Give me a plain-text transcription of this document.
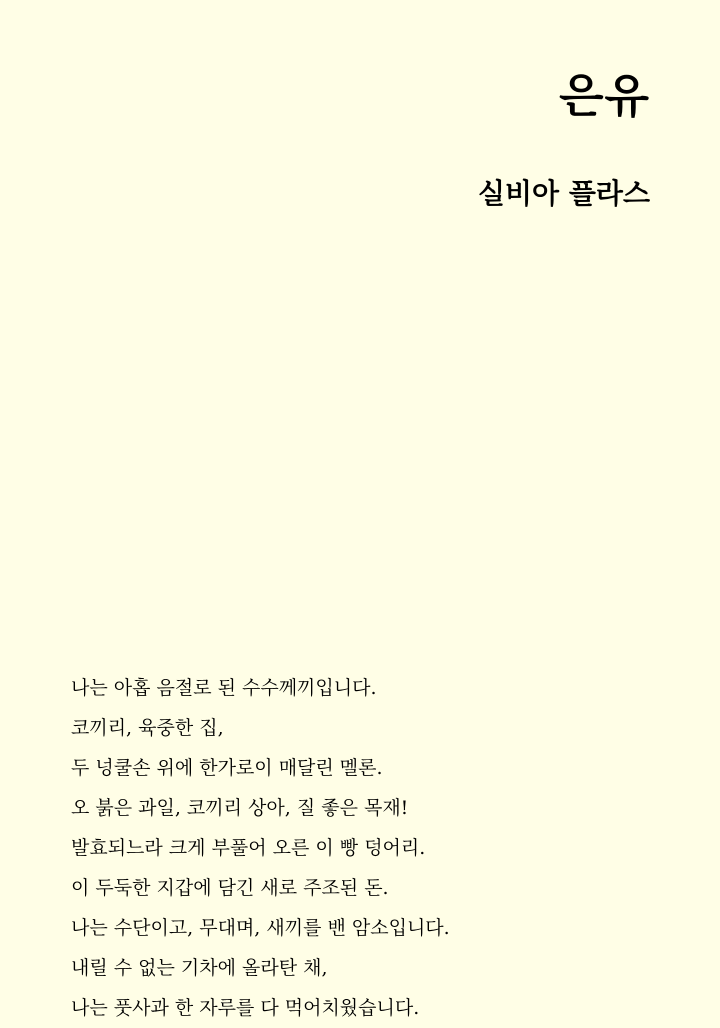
은유
실비아 플라스

나는 아홉 음절로 된 수수께끼입니다.

코끼리, 육중한 집,

두 넝쿨손 위에 한가로이 매달린 멜론.

오 붉은 과일, 코끼리 상아, 질 좋은 목재!

발효되느라 크게 부풀어 오른 이 빵 덩어리.

이 두둑한 지갑에 담긴 새로 주조된 돈.

나는 수단이고, 무대며, 새끼를 밴 암소입니다.

내릴 수 없는 기차에 올라탄 채,

나는 풋사과 한 자루를 다 먹어치웠습니다.
